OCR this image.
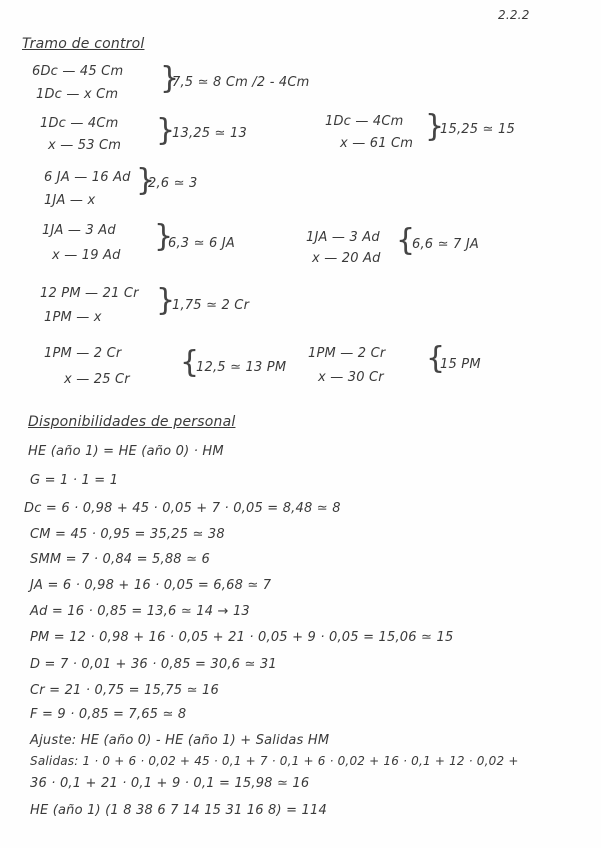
2.2.2
Tramo de control
6Dc — 45 Cm
1Dc — x Cm }
7,5 ≃ 8 Cm /2 - 4Cm
1Dc — 4Cm
x — 53 Cm }
13,25 ≃ 13
1Dc — 4Cm
x — 61 Cm }
15,25 ≃ 15
6 JA — 16 Ad
1JA — x
}
2,6 ≃ 3
1JA — 3 Ad
x — 19 Ad
}
6,3 ≃ 6 JA	1JA — 3 Ad
x — 20 Ad
{
6,6 ≃ 7 JA
12 PM — 21 Cr
1PM — x }
1,75 ≃ 2 Cr
1PM — 2 Cr
x — 25 Cr {
12,5 ≃ 13 PM
1PM — 2 Cr
x — 30 Cr
{
15 PM
Disponibilidades de personal
HE (año 1) = HE (año 0) · HM
G = 1 · 1 = 1
Dc = 6 · 0,98 + 45 · 0,05 + 7 · 0,05 = 8,48 ≃ 8
CM = 45 · 0,95 = 35,25 ≃ 38
SMM = 7 · 0,84 = 5,88 ≃ 6
JA = 6 · 0,98 + 16 · 0,05 = 6,68 ≃ 7
Ad = 16 · 0,85 = 13,6 ≃ 14 → 13
PM = 12 · 0,98 + 16 · 0,05 + 21 · 0,05 + 9 · 0,05 = 15,06 ≃ 15
D = 7 · 0,01 + 36 · 0,85 = 30,6 ≃ 31
Cr = 21 · 0,75 = 15,75 ≃ 16
F = 9 · 0,85 = 7,65 ≃ 8
Ajuste: HE (año 0) - HE (año 1) + Salidas HM
Salidas: 1 · 0 + 6 · 0,02 + 45 · 0,1 + 7 · 0,1 + 6 · 0,02 + 16 · 0,1 + 12 · 0,02 +
36 · 0,1 + 21 · 0,1 + 9 · 0,1 = 15,98 ≃ 16
HE (año 1) (1 8 38 6 7 14 15 31 16 8) = 114
